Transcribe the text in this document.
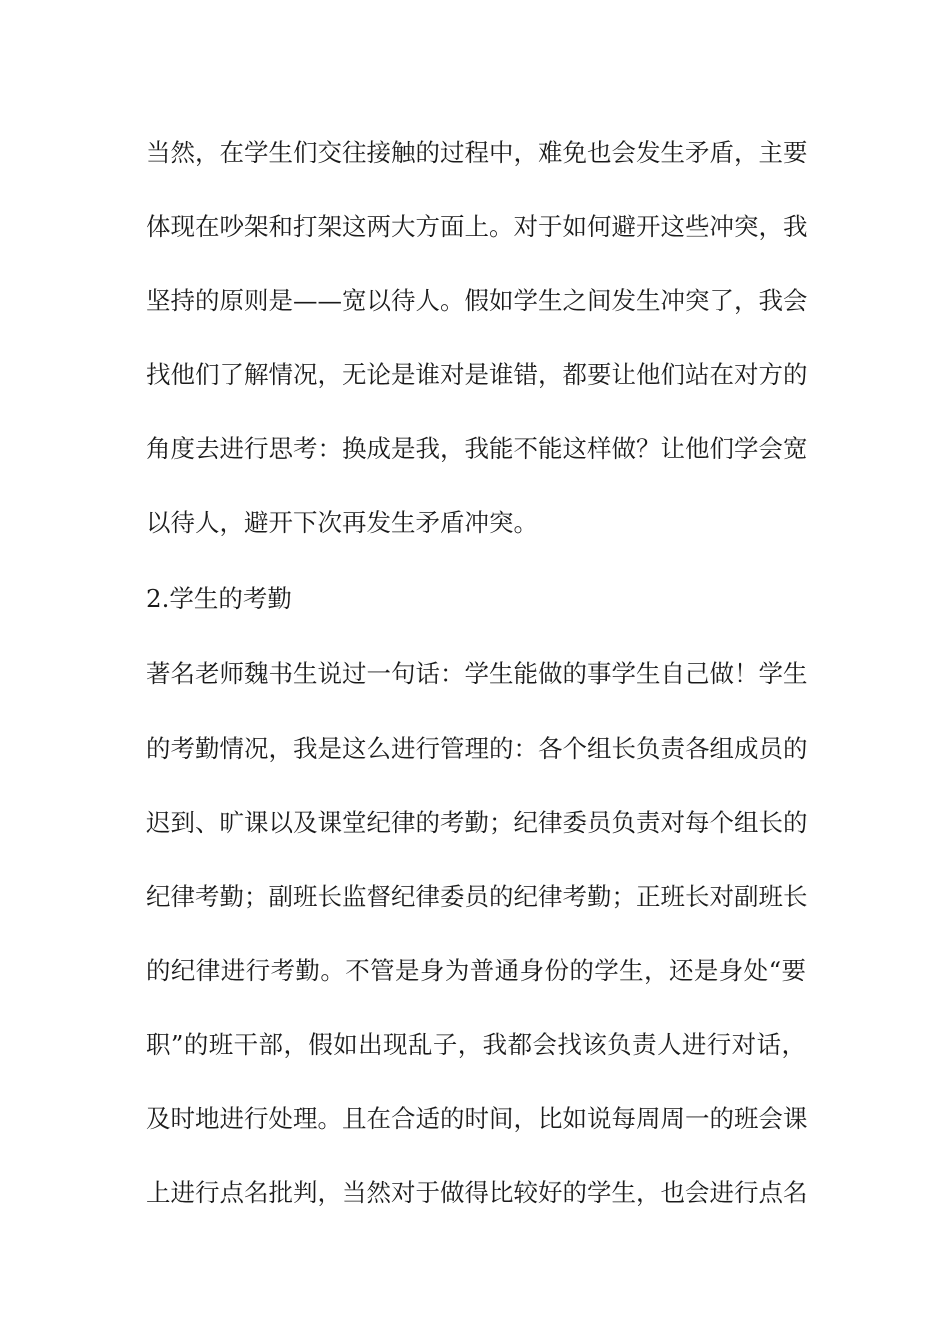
当然，在学生们交往接触的过程中，难免也会发生矛盾，主要
体现在吵架和打架这两大方面上。对于如何避开这些冲突，我
坚持的原则是——宽以待人。假如学生之间发生冲突了，我会
找他们了解情况，无论是谁对是谁错，都要让他们站在对方的
角度去进行思考：换成是我，我能不能这样做？让他们学会宽
以待人，避开下次再发生矛盾冲突。
2.学生的考勤
著名老师魏书生说过一句话：学生能做的事学生自己做！学生
的考勤情况，我是这么进行管理的：各个组长负责各组成员的
迟到、旷课以及课堂纪律的考勤；纪律委员负责对每个组长的
纪律考勤；副班长监督纪律委员的纪律考勤；正班长对副班长
的纪律进行考勤。不管是身为普通身份的学生，还是身处“要
职”的班干部，假如出现乱子，我都会找该负责人进行对话，
及时地进行处理。且在合适的时间，比如说每周周一的班会课
上进行点名批判，当然对于做得比较好的学生，也会进行点名
